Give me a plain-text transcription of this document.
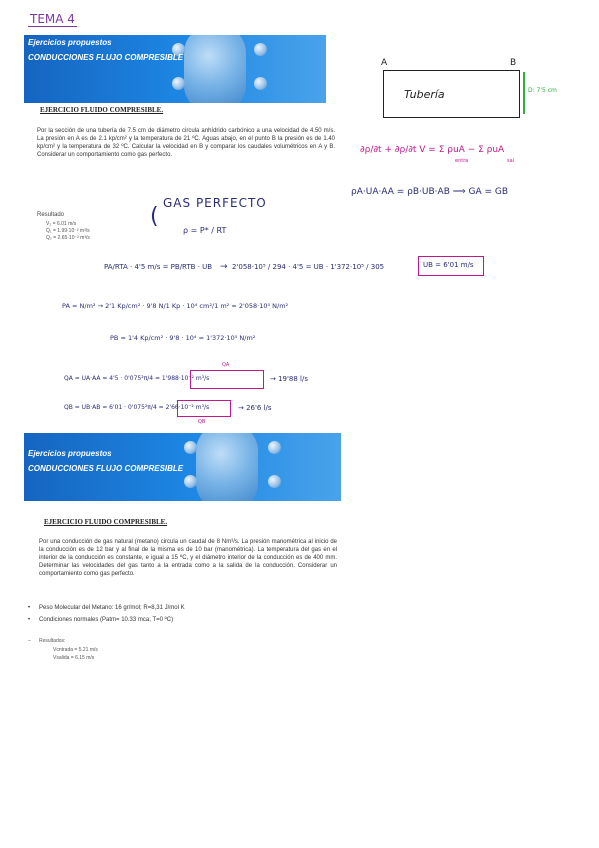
TEMA 4
Ejercicios propuestos
CONDUCCIONES FLUJO COMPRESIBLE
EJERCICIO FLUIDO COMPRESIBLE.
Por la sección de una tubería de 7.5 cm de diámetro circula anhídrido carbónico a una velocidad de 4.50 m/s. La presión en A es de 2.1 kp/cm² y la temperatura de 21 ºC. Aguas abajo, en el punto B la presión es de 1.40 kp/cm² y la temperatura de 32 ºC. Calcular la velocidad en B y comparar los caudales volumétricos en A y B. Considerar un comportamiento como gas perfecto.
Resultado
V₂ = 6.01 m/s
Q₁ = 1.99·10⁻² m³/s
Q₂ = 2.65·10⁻² m³/s
A	B
Tubería	D: 7'5 cm
∂ρ/∂t + ∂ρ/∂t V = Σ ρuA − Σ ρuA
entra	sal
ρA·UA·AA = ρB·UB·AB ⟹ GA = GB
GAS PERFECTO
(
ρ = P* / RT
PA/RTA · 4'5 m/s = PB/RTB · UB → 2'058·10⁵ / 294 · 4'5 = UB · 1'372·10⁵ / 305	UB = 6'01 m/s
PA = N/m² → 2'1 Kp/cm² · 9'8 N/1 Kp · 10⁴ cm²/1 m² = 2'058·10⁵ N/m²
PB = 1'4 Kp/cm² · 9'8 · 10⁴ = 1'372·10⁵ N/m²
QA
QA = UA·AA = 4'5 · 0'075²π/4 = 1'988·10⁻² m³/s	→ 19'88 l/s
QB = UB·AB = 6'01 · 0'075²π/4 = 2'66·10⁻² m³/s	→ 26'6 l/s
QB
Ejercicios propuestos
CONDUCCIONES FLUJO COMPRESIBLE
EJERCICIO FLUIDO COMPRESIBLE.
Por una conducción de gas natural (metano) circula un caudal de 8 Nm³/s. La presión manométrica al inicio de la conducción es de 12 bar y al final de la misma es de 10 bar (manométrica). La temperatura del gas en el interior de la conducción es constante, e igual a 15 ºC, y el diámetro interior de la conducción es de 400 mm. Determinar las velocidades del gas tanto a la entrada como a la salida de la conducción. Considerar un comportamiento como gas perfecto.
• Peso Molecular del Metano: 16 gr/mol; R=8,31 J/mol K
• Condiciones normales (Patm= 10.33 mca; T=0 ºC)
– Resultados:
Vcntrada = 5.21 m/s
Vsalida = 6.15 m/s
